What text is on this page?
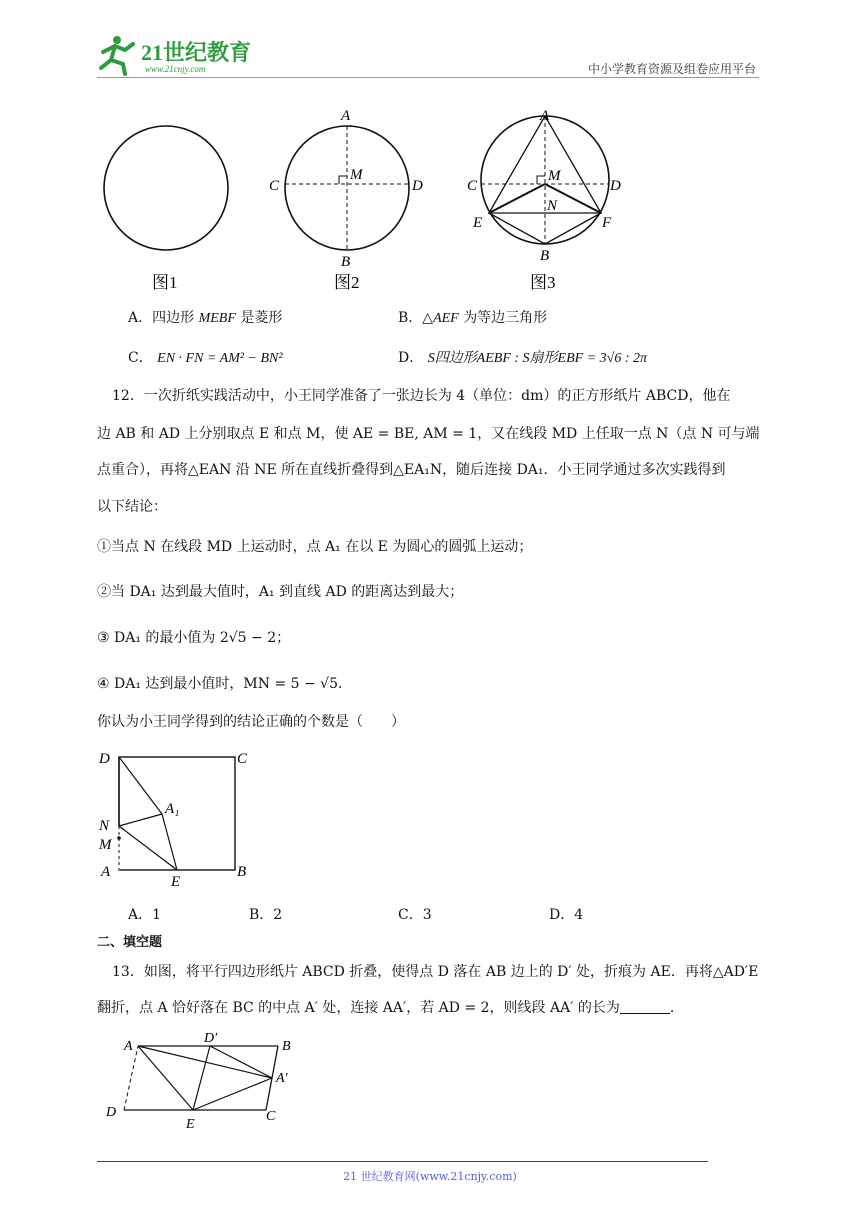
21世纪教育
www.21cnjy.com	中小学教育资源及组卷应用平台
图1
A
B
C	D
M
图2
A
B
C	D
M
N
E	F
图3
A．四边形 MEBF 是菱形	B．△AEF 为等边三角形
C． EN · FN = AM² − BN²	D． S四边形AEBF : S扇形EBF = 3√6 : 2π
12．一次折纸实践活动中，小王同学准备了一张边长为 4（单位：dm）的正方形纸片 ABCD，他在
边 AB 和 AD 上分别取点 E 和点 M，使 AE = BE, AM = 1，又在线段 MD 上任取一点 N（点 N 可与端
点重合），再将△EAN 沿 NE 所在直线折叠得到△EA₁N，随后连接 DA₁．小王同学通过多次实践得到
以下结论：
①当点 N 在线段 MD 上运动时，点 A₁ 在以 E 为圆心的圆弧上运动；
②当 DA₁ 达到最大值时，A₁ 到直线 AD 的距离达到最大；
③ DA₁ 的最小值为 2√5 − 2；
④ DA₁ 达到最小值时，MN = 5 − √5．
你认为小王同学得到的结论正确的个数是（　　）
D	C
A₁
N
M
A
E
B
A．1	B．2	C．3	D．4
二、填空题
13．如图，将平行四边形纸片 ABCD 折叠，使得点 D 落在 AB 边上的 D′ 处，折痕为 AE．再将△AD′E
翻折，点 A 恰好落在 BC 的中点 A′ 处，连接 AA′，若 AD = 2，则线段 AA′ 的长为	．
A
D′
B
A′
D
E
C
21 世纪教育网(www.21cnjy.com)
